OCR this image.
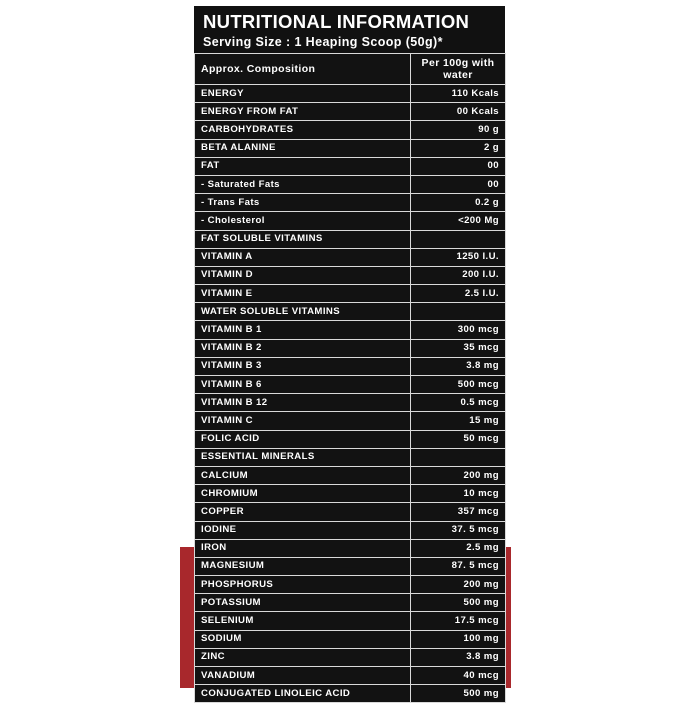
NUTRITIONAL INFORMATION
Serving Size : 1 Heaping Scoop (50g)*
Approx. Composition	Per 100g with water
ENERGY	110 Kcals
ENERGY FROM FAT	00 Kcals
CARBOHYDRATES	90 g
BETA ALANINE	2 g
FAT	00
- Saturated Fats	00
- Trans Fats	0.2 g
- Cholesterol	<200 Mg
FAT SOLUBLE VITAMINS	
VITAMIN A	1250 I.U.
VITAMIN D	200 I.U.
VITAMIN E	2.5 I.U.
WATER SOLUBLE VITAMINS	
VITAMIN B 1	300 mcg
VITAMIN B 2	35 mcg
VITAMIN B 3	3.8 mg
VITAMIN B 6	500 mcg
VITAMIN B 12	0.5 mcg
VITAMIN C	15 mg
FOLIC ACID	50 mcg
ESSENTIAL MINERALS	
CALCIUM	200 mg
CHROMIUM	10 mcg
COPPER	357 mcg
IODINE	37. 5 mcg
IRON	2.5 mg
MAGNESIUM	87. 5 mcg
PHOSPHORUS	200 mg
POTASSIUM	500 mg
SELENIUM	17.5 mcg
SODIUM	100 mg
ZINC	3.8 mg
VANADIUM	40 mcg
CONJUGATED LINOLEIC ACID	500 mg
